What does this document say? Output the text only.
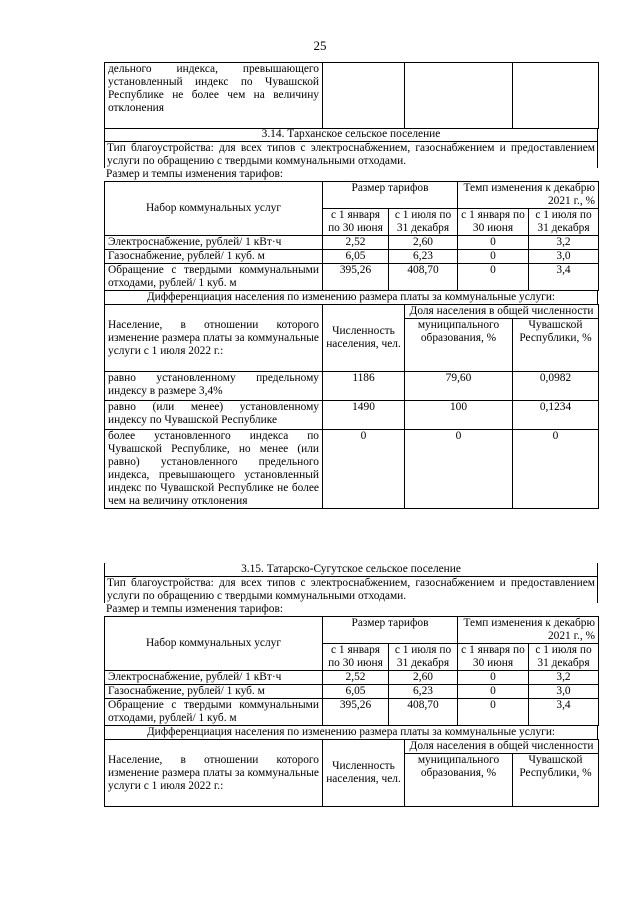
25
дельного индекса, превышающего установленный индекс по Чувашской Республике не более чем на величину отклонения			
3.14. Тарханское сельское поселение
Тип благоустройства: для всех типов с электроснабжением, газоснабжением и предоставлением услуги по обращению с твердыми коммунальными отходами.
Размер и темпы изменения тарифов:
Набор коммунальных услуг	Размер тарифов		Темп изменения к декабрю 2021 г., %	
	с 1 января по 30 июня	с 1 июля по 31 декабря	с 1 января по 30 июня	с 1 июля по 31 декабря
Электроснабжение, рублей/ 1 кВт·ч	2,52	2,60	0	3,2
Газоснабжение, рублей/ 1 куб. м	6,05	6,23	0	3,0
Обращение с твердыми коммунальными отходами, рублей/ 1 куб. м	395,26	408,70	0	3,4
Дифференциация населения по изменению размера платы за коммунальные услуги:
Население, в отношении которого изменение размера платы за коммунальные услуги с 1 июля 2022 г.:	Численность населения, чел.	Доля населения в общей численности	
		муниципального образования, %	Чувашской Республики, %
равно установленному предельному индексу в размере 3,4%	1186	79,60	0,0982
равно (или менее) установленному индексу по Чувашской Республике	1490	100	0,1234
более установленного индекса по Чувашской Республике, но менее (или равно) установленного предельного индекса, превышающего установленный индекс по Чувашской Республике не более чем на величину отклонения	0	0	0
3.15. Татарско-Сугутское сельское поселение
Тип благоустройства: для всех типов с электроснабжением, газоснабжением и предоставлением услуги по обращению с твердыми коммунальными отходами.
Размер и темпы изменения тарифов:
Набор коммунальных услуг	Размер тарифов		Темп изменения к декабрю 2021 г., %	
	с 1 января по 30 июня	с 1 июля по 31 декабря	с 1 января по 30 июня	с 1 июля по 31 декабря
Электроснабжение, рублей/ 1 кВт·ч	2,52	2,60	0	3,2
Газоснабжение, рублей/ 1 куб. м	6,05	6,23	0	3,0
Обращение с твердыми коммунальными отходами, рублей/ 1 куб. м	395,26	408,70	0	3,4
Дифференциация населения по изменению размера платы за коммунальные услуги:
Население, в отношении которого изменение размера платы за коммунальные услуги с 1 июля 2022 г.:	Численность населения, чел.	Доля населения в общей численности	
		муниципального образования, %	Чувашской Республики, %
